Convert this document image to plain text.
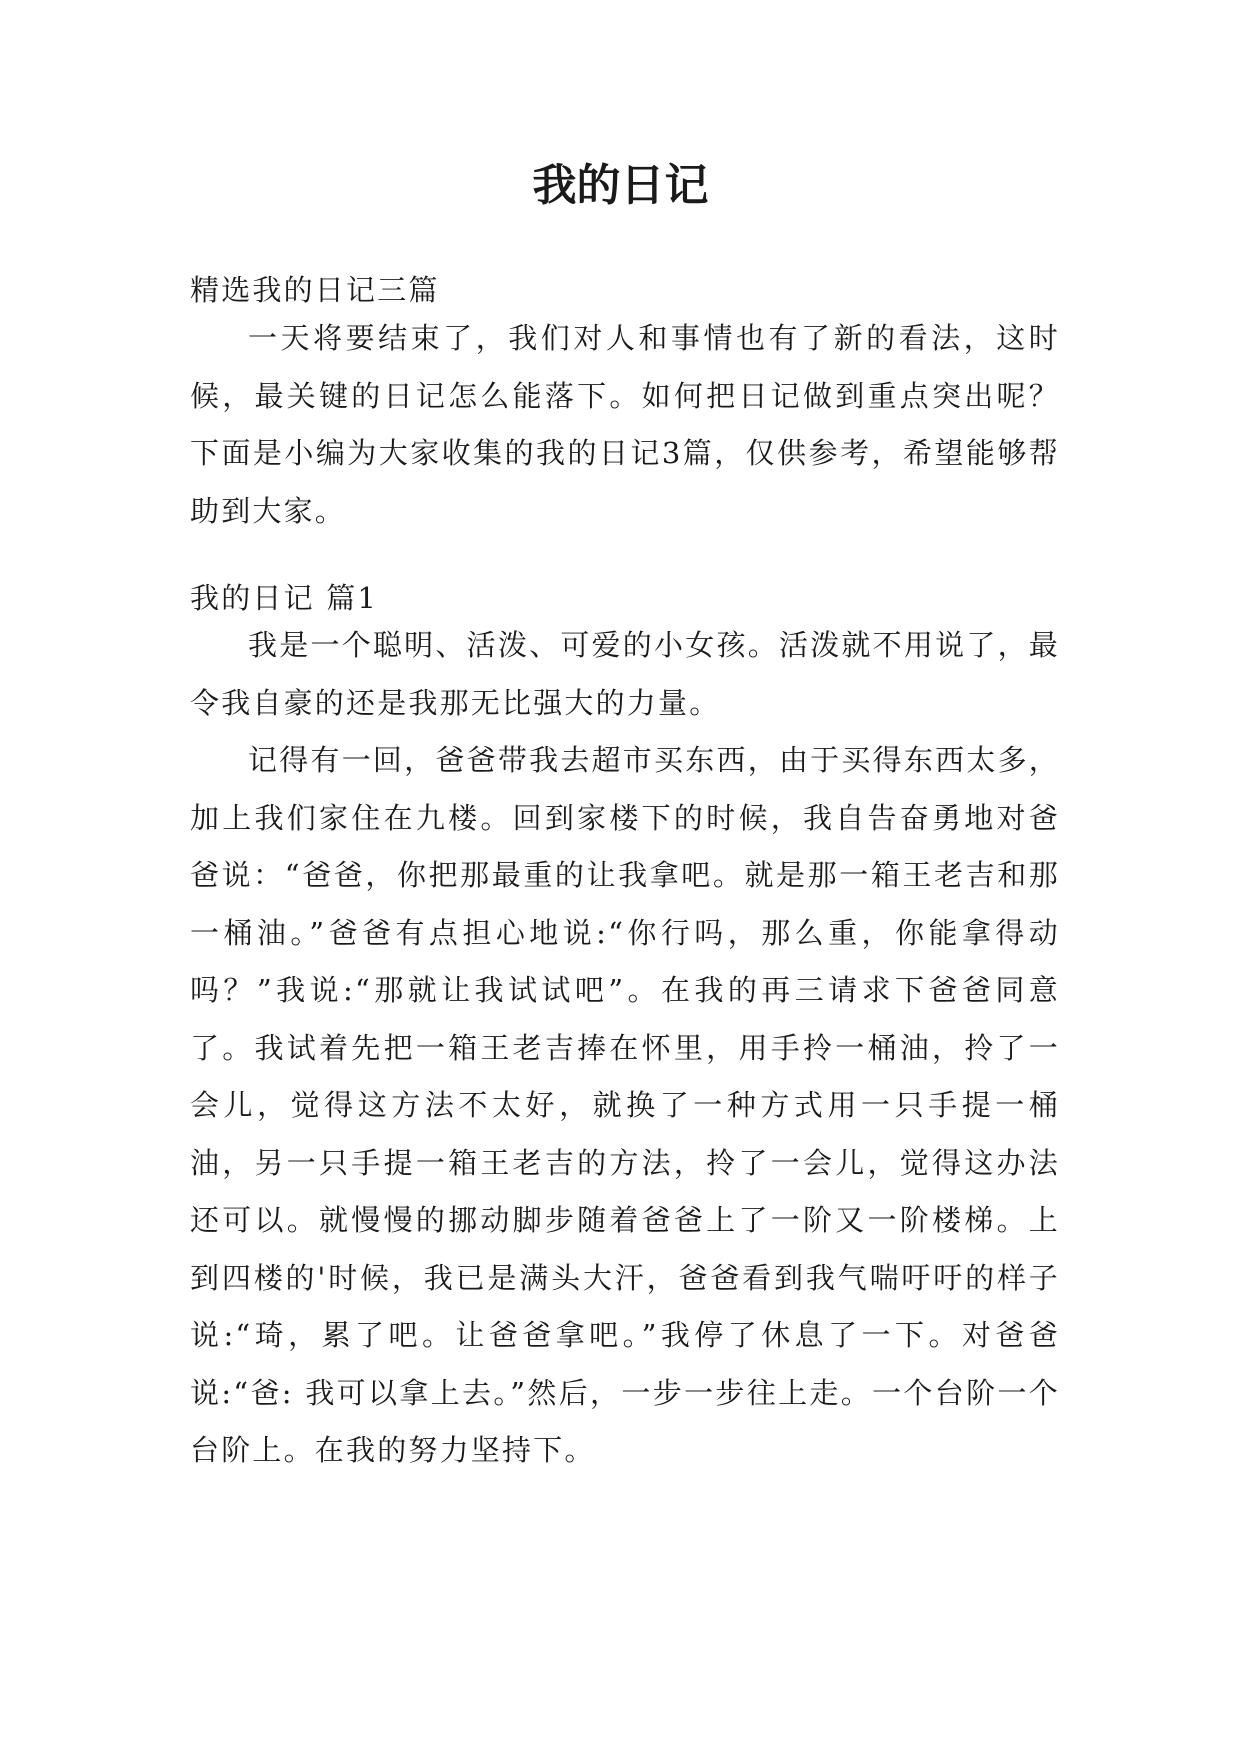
我的日记
精选我的日记三篇

一天将要结束了，我们对人和事情也有了新的看法，这时候，最关键的日记怎么能落下。如何把日记做到重点突出呢？下面是小编为大家收集的我的日记3篇，仅供参考，希望能够帮助到大家。

我的日记 篇1

我是一个聪明、活泼、可爱的小女孩。活泼就不用说了，最令我自豪的还是我那无比强大的力量。

记得有一回，爸爸带我去超市买东西，由于买得东西太多，加上我们家住在九楼。回到家楼下的时候，我自告奋勇地对爸爸说：“爸爸，你把那最重的让我拿吧。就是那一箱王老吉和那一桶油。”爸爸有点担心地说:“你行吗，那么重，你能拿得动吗？”我说:“那就让我试试吧”。在我的再三请求下爸爸同意了。我试着先把一箱王老吉捧在怀里，用手拎一桶油，拎了一会儿，觉得这方法不太好，就换了一种方式用一只手提一桶油，另一只手提一箱王老吉的方法，拎了一会儿，觉得这办法还可以。就慢慢的挪动脚步随着爸爸上了一阶又一阶楼梯。上到四楼的'时候，我已是满头大汗，爸爸看到我气喘吁吁的样子说:“琦，累了吧。让爸爸拿吧。”我停了休息了一下。对爸爸说:“爸: 我可以拿上去。”然后，一步一步往上走。一个台阶一个台阶上。在我的努力坚持下。
